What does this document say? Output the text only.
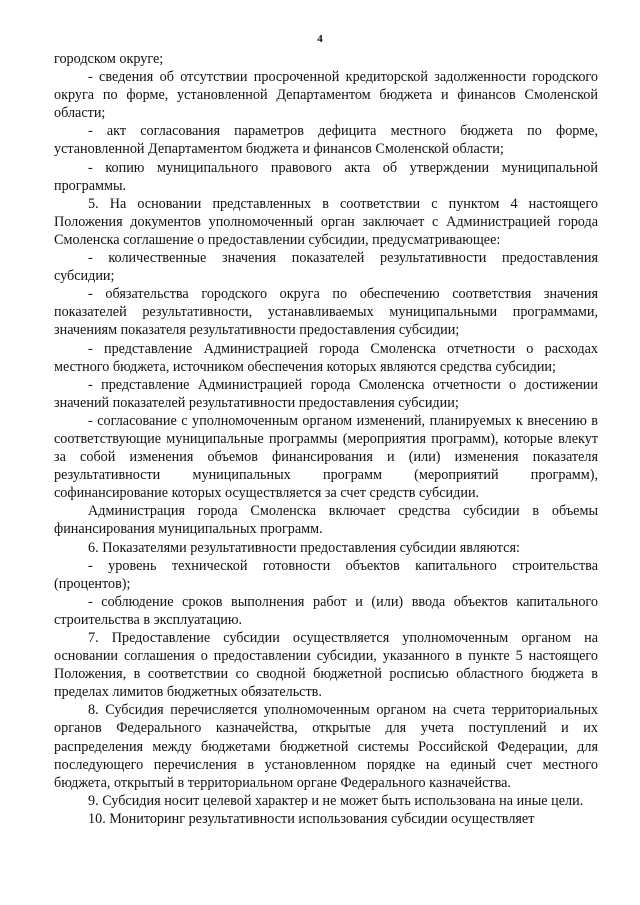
4

городском округе;

- сведения об отсутствии просроченной кредиторской задолженности городского округа по форме, установленной Департаментом бюджета и финансов Смоленской области;

- акт согласования параметров дефицита местного бюджета по форме, установленной Департаментом бюджета и финансов Смоленской области;

- копию муниципального правового акта об утверждении муниципальной программы.

5. На основании представленных в соответствии с пунктом 4 настоящего Положения документов уполномоченный орган заключает с Администрацией города Смоленска соглашение о предоставлении субсидии, предусматривающее:

- количественные значения показателей результативности предоставления субсидии;

- обязательства городского округа по обеспечению соответствия значения показателей результативности, устанавливаемых муниципальными программами, значениям показателя результативности предоставления субсидии;

- представление Администрацией города Смоленска отчетности о расходах местного бюджета, источником обеспечения которых являются средства субсидии;

- представление Администрацией города Смоленска отчетности о достижении значений показателей результативности предоставления субсидии;

- согласование с уполномоченным органом изменений, планируемых к внесению в соответствующие муниципальные программы (мероприятия программ), которые влекут за собой изменения объемов финансирования и (или) изменения показателя результативности муниципальных программ (мероприятий программ), софинансирование которых осуществляется за счет средств субсидии.

Администрация города Смоленска включает средства субсидии в объемы финансирования муниципальных программ.

6. Показателями результативности предоставления субсидии являются:

- уровень технической готовности объектов капитального строительства (процентов);

- соблюдение сроков выполнения работ и (или) ввода объектов капитального строительства в эксплуатацию.

7. Предоставление субсидии осуществляется уполномоченным органом на основании соглашения о предоставлении субсидии, указанного в пункте 5 настоящего Положения, в соответствии со сводной бюджетной росписью областного бюджета в пределах лимитов бюджетных обязательств.

8. Субсидия перечисляется уполномоченным органом на счета территориальных органов Федерального казначейства, открытые для учета поступлений и их распределения между бюджетами бюджетной системы Российской Федерации, для последующего перечисления в установленном порядке на единый счет местного бюджета, открытый в территориальном органе Федерального казначейства.

9. Субсидия носит целевой характер и не может быть использована на иные цели.

10. Мониторинг результативности использования субсидии осуществляет
